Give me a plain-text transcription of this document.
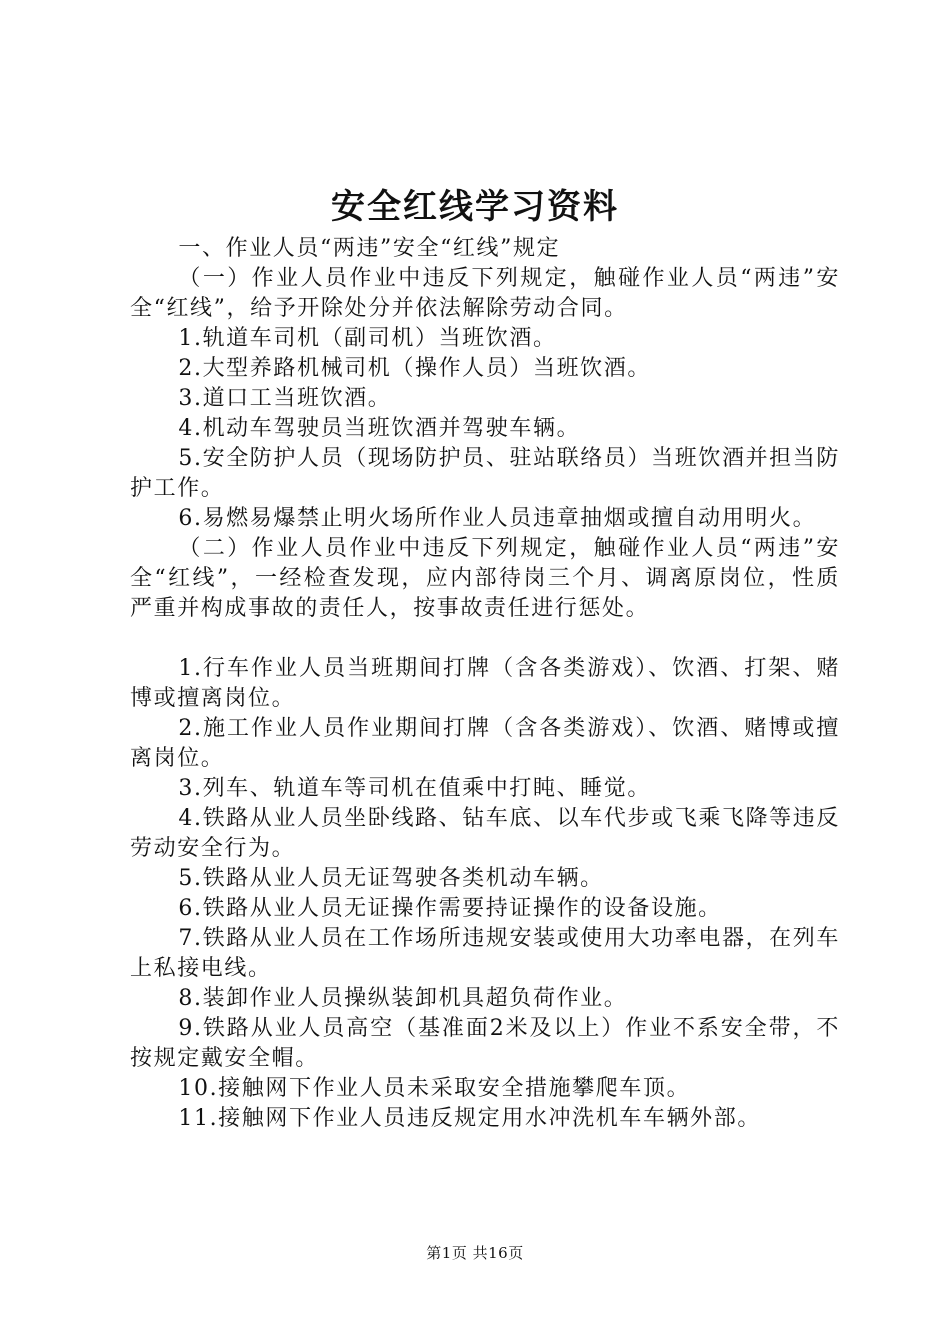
安全红线学习资料

一、作业人员“两违”安全“红线”规定

（一）作业人员作业中违反下列规定，触碰作业人员“两违”安全“红线”，给予开除处分并依法解除劳动合同。

1.轨道车司机（副司机）当班饮酒。

2.大型养路机械司机（操作人员）当班饮酒。

3.道口工当班饮酒。

4.机动车驾驶员当班饮酒并驾驶车辆。

5.安全防护人员（现场防护员、驻站联络员）当班饮酒并担当防护工作。

6.易燃易爆禁止明火场所作业人员违章抽烟或擅自动用明火。

（二）作业人员作业中违反下列规定，触碰作业人员“两违”安全“红线”，一经检查发现，应内部待岗三个月、调离原岗位，性质严重并构成事故的责任人，按事故责任进行惩处。

1.行车作业人员当班期间打牌（含各类游戏）、饮酒、打架、赌博或擅离岗位。

2.施工作业人员作业期间打牌（含各类游戏）、饮酒、赌博或擅离岗位。

3.列车、轨道车等司机在值乘中打盹、睡觉。

4.铁路从业人员坐卧线路、钻车底、以车代步或飞乘飞降等违反劳动安全行为。

5.铁路从业人员无证驾驶各类机动车辆。

6.铁路从业人员无证操作需要持证操作的设备设施。

7.铁路从业人员在工作场所违规安装或使用大功率电器，在列车上私接电线。

8.装卸作业人员操纵装卸机具超负荷作业。

9.铁路从业人员高空（基准面2米及以上）作业不系安全带，不按规定戴安全帽。

10.接触网下作业人员未采取安全措施攀爬车顶。

11.接触网下作业人员违反规定用水冲洗机车车辆外部。

第1页 共16页
